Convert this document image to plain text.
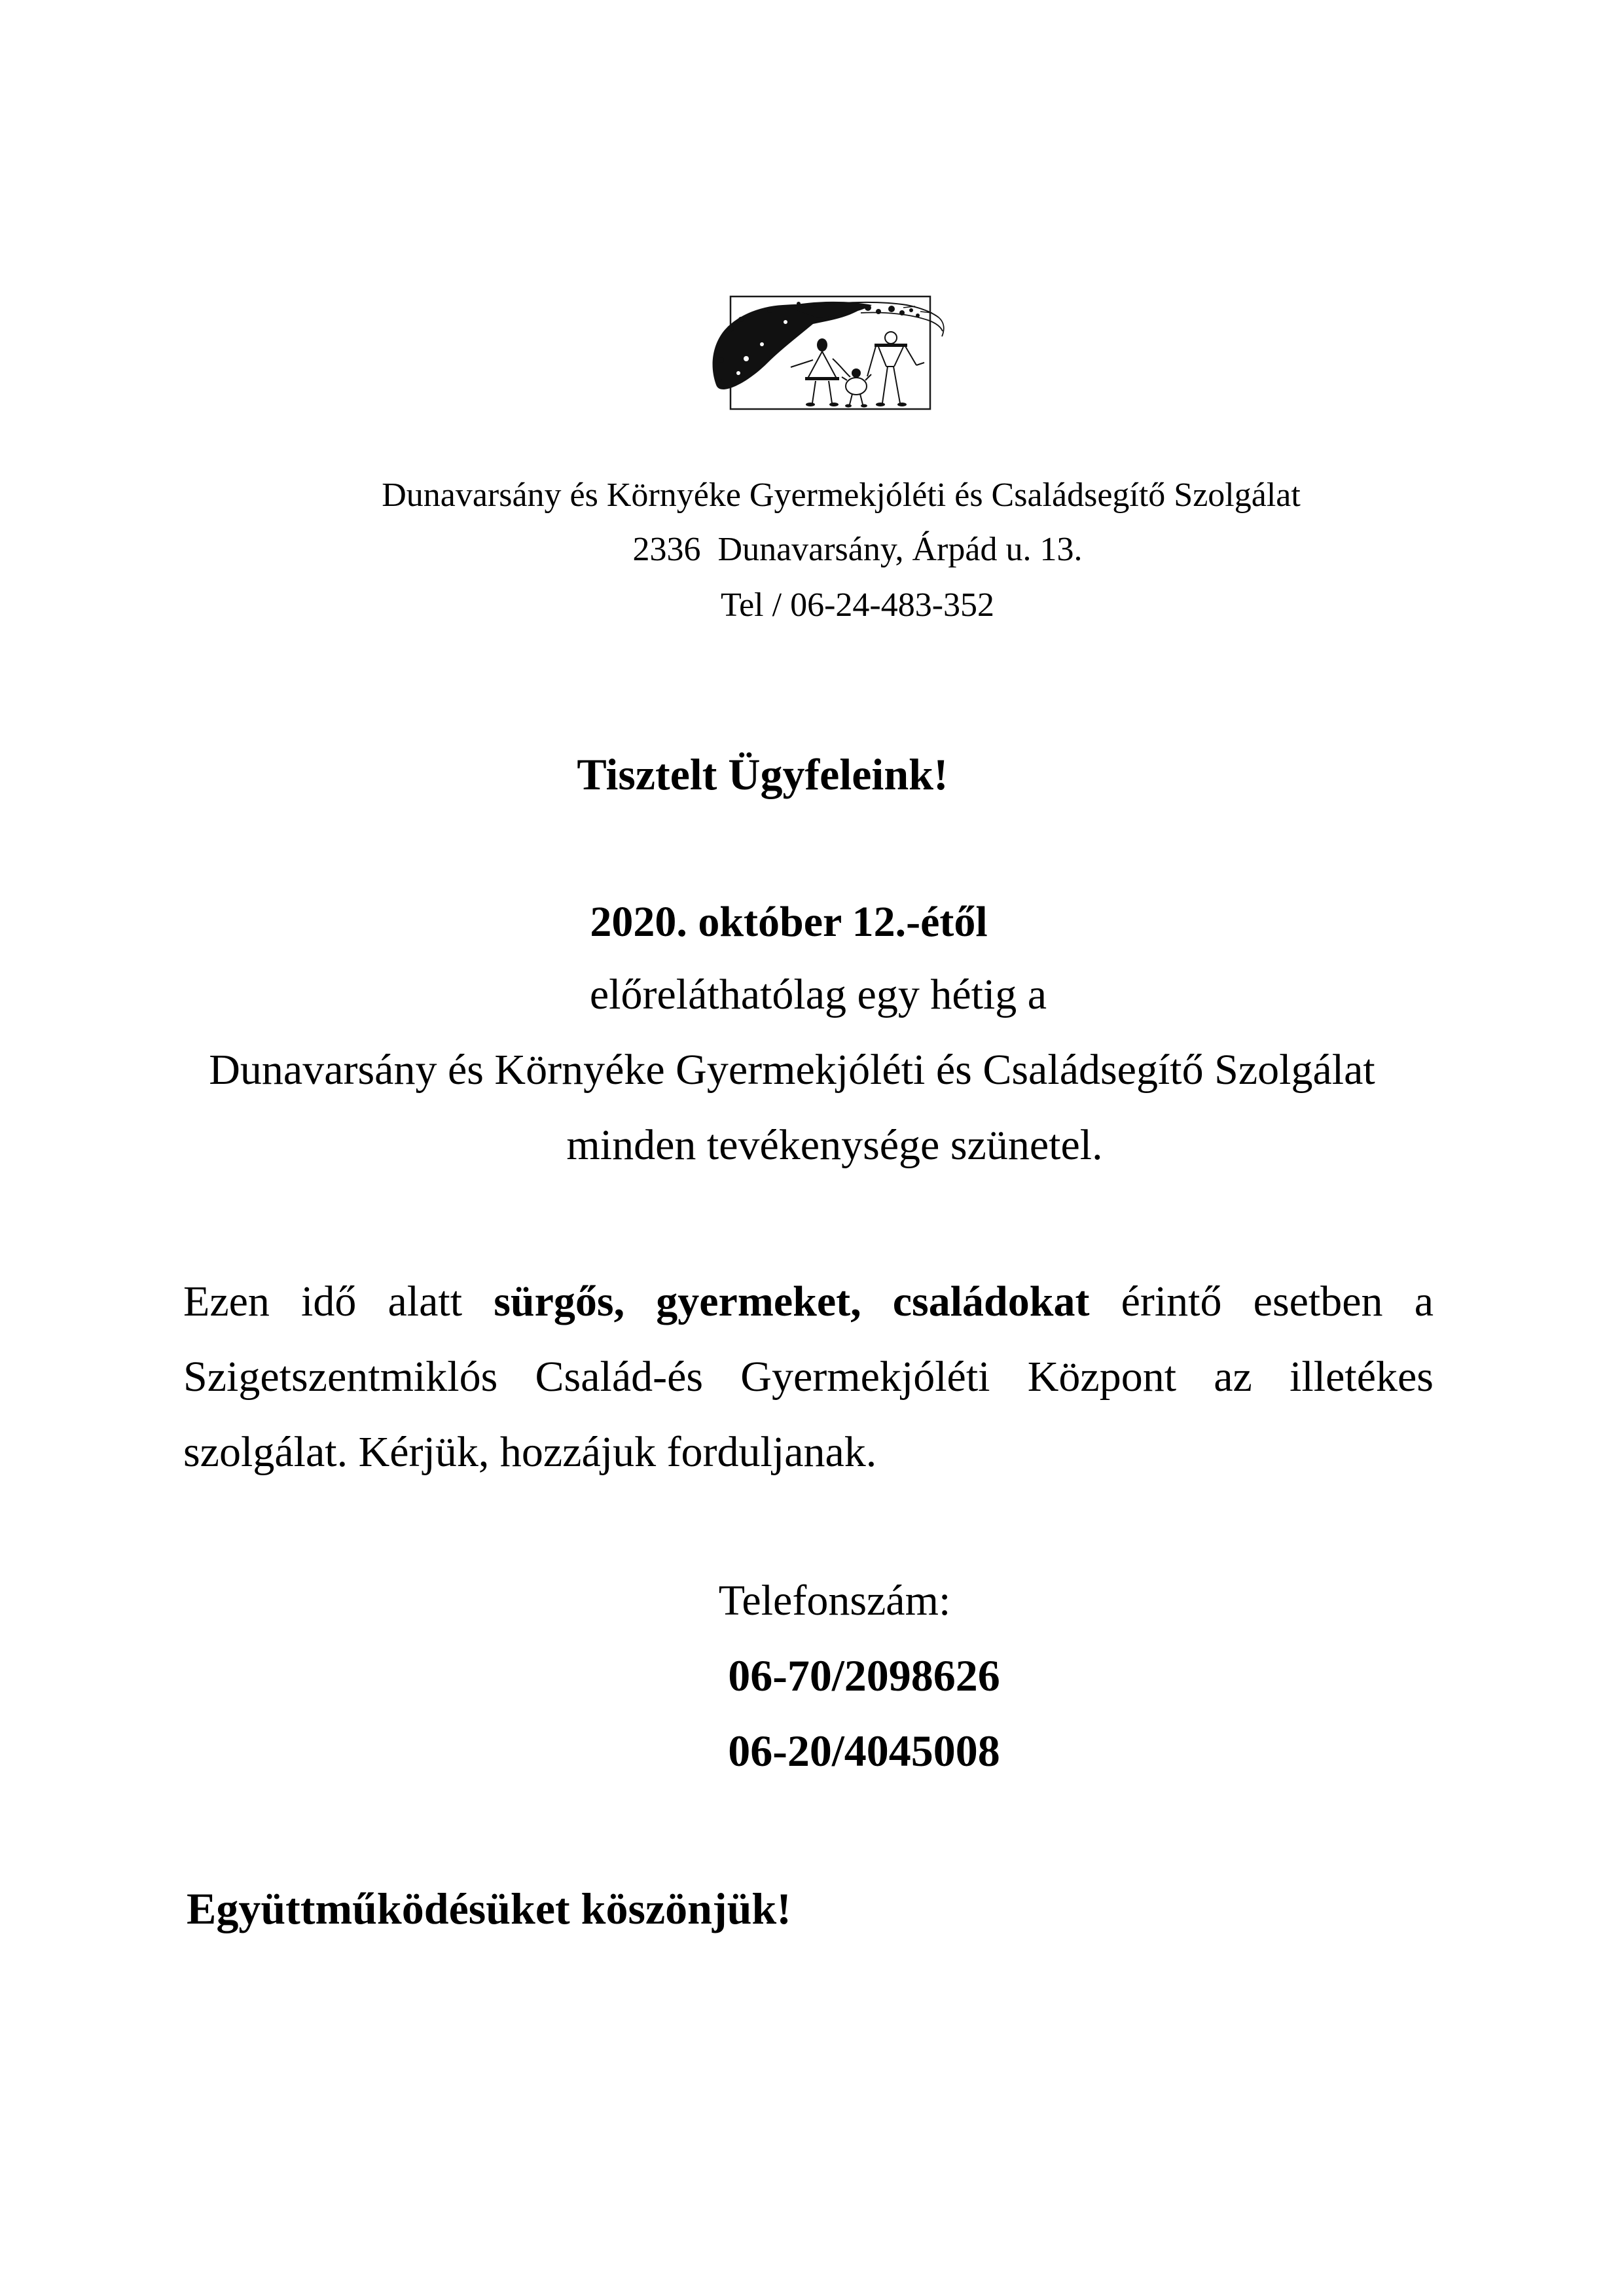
Dunavarsány és Környéke Gyermekjóléti és Családsegítő Szolgálat
2336  Dunavarsány, Árpád u. 13.
Tel / 06-24-483-352
Tisztelt Ügyfeleink!
2020. október 12.-étől
előreláthatólag egy hétig a
Dunavarsány és Környéke Gyermekjóléti és Családsegítő Szolgálat
minden tevékenysége szünetel.
Ezen idő alatt sürgős, gyermeket, családokat érintő esetben a
Szigetszentmiklós Család-és Gyermekjóléti Központ az illetékes
szolgálat. Kérjük, hozzájuk forduljanak.
Telefonszám:
06-70/2098626
06-20/4045008
Együttműködésüket köszönjük!
